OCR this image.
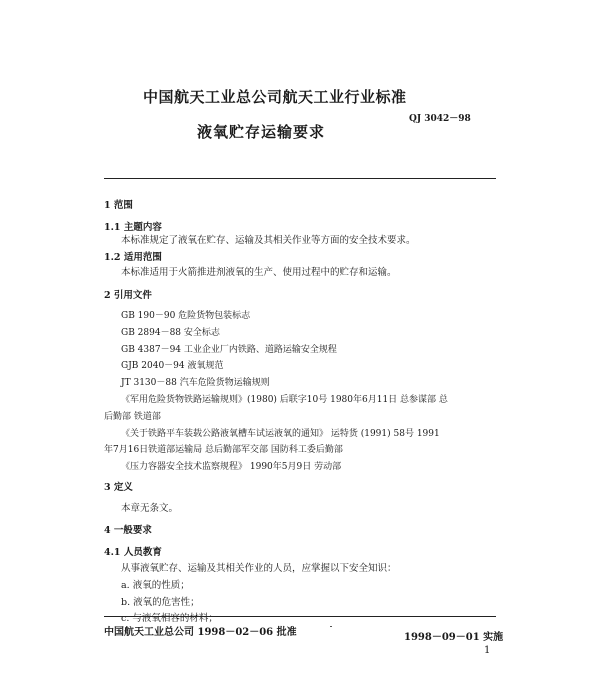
中国航天工业总公司航天工业行业标准
QJ 3042－98
液氧贮存运输要求
1 范围
1.1 主题内容
本标准规定了液氧在贮存、运输及其相关作业等方面的安全技术要求。
1.2 适用范围
本标准适用于火箭推进剂液氧的生产、使用过程中的贮存和运输。
2 引用文件
GB 190－90 危险货物包装标志
GB 2894－88 安全标志
GB 4387－94 工业企业厂内铁路、道路运输安全规程
GJB 2040－94 液氧规范
JT 3130－88 汽车危险货物运输规则
《军用危险货物铁路运输规则》(1980) 后联字10号 1980年6月11日 总参谋部 总
后勤部 铁道部
《关于铁路平车装载公路液氧槽车试运液氧的通知》 运特货 (1991) 58号 1991
年7月16日铁道部运输局 总后勤部军交部 国防科工委后勤部
《压力容器安全技术监察规程》 1990年5月9日 劳动部
3 定义
本章无条文。
4 一般要求
4.1 人员教育
从事液氧贮存、运输及其相关作业的人员，应掌握以下安全知识：
a. 液氧的性质；
b. 液氧的危害性；
c. 与液氧相容的材料；
中国航天工业总公司 1998－02－06 批准	1998－09－01 实施
1
